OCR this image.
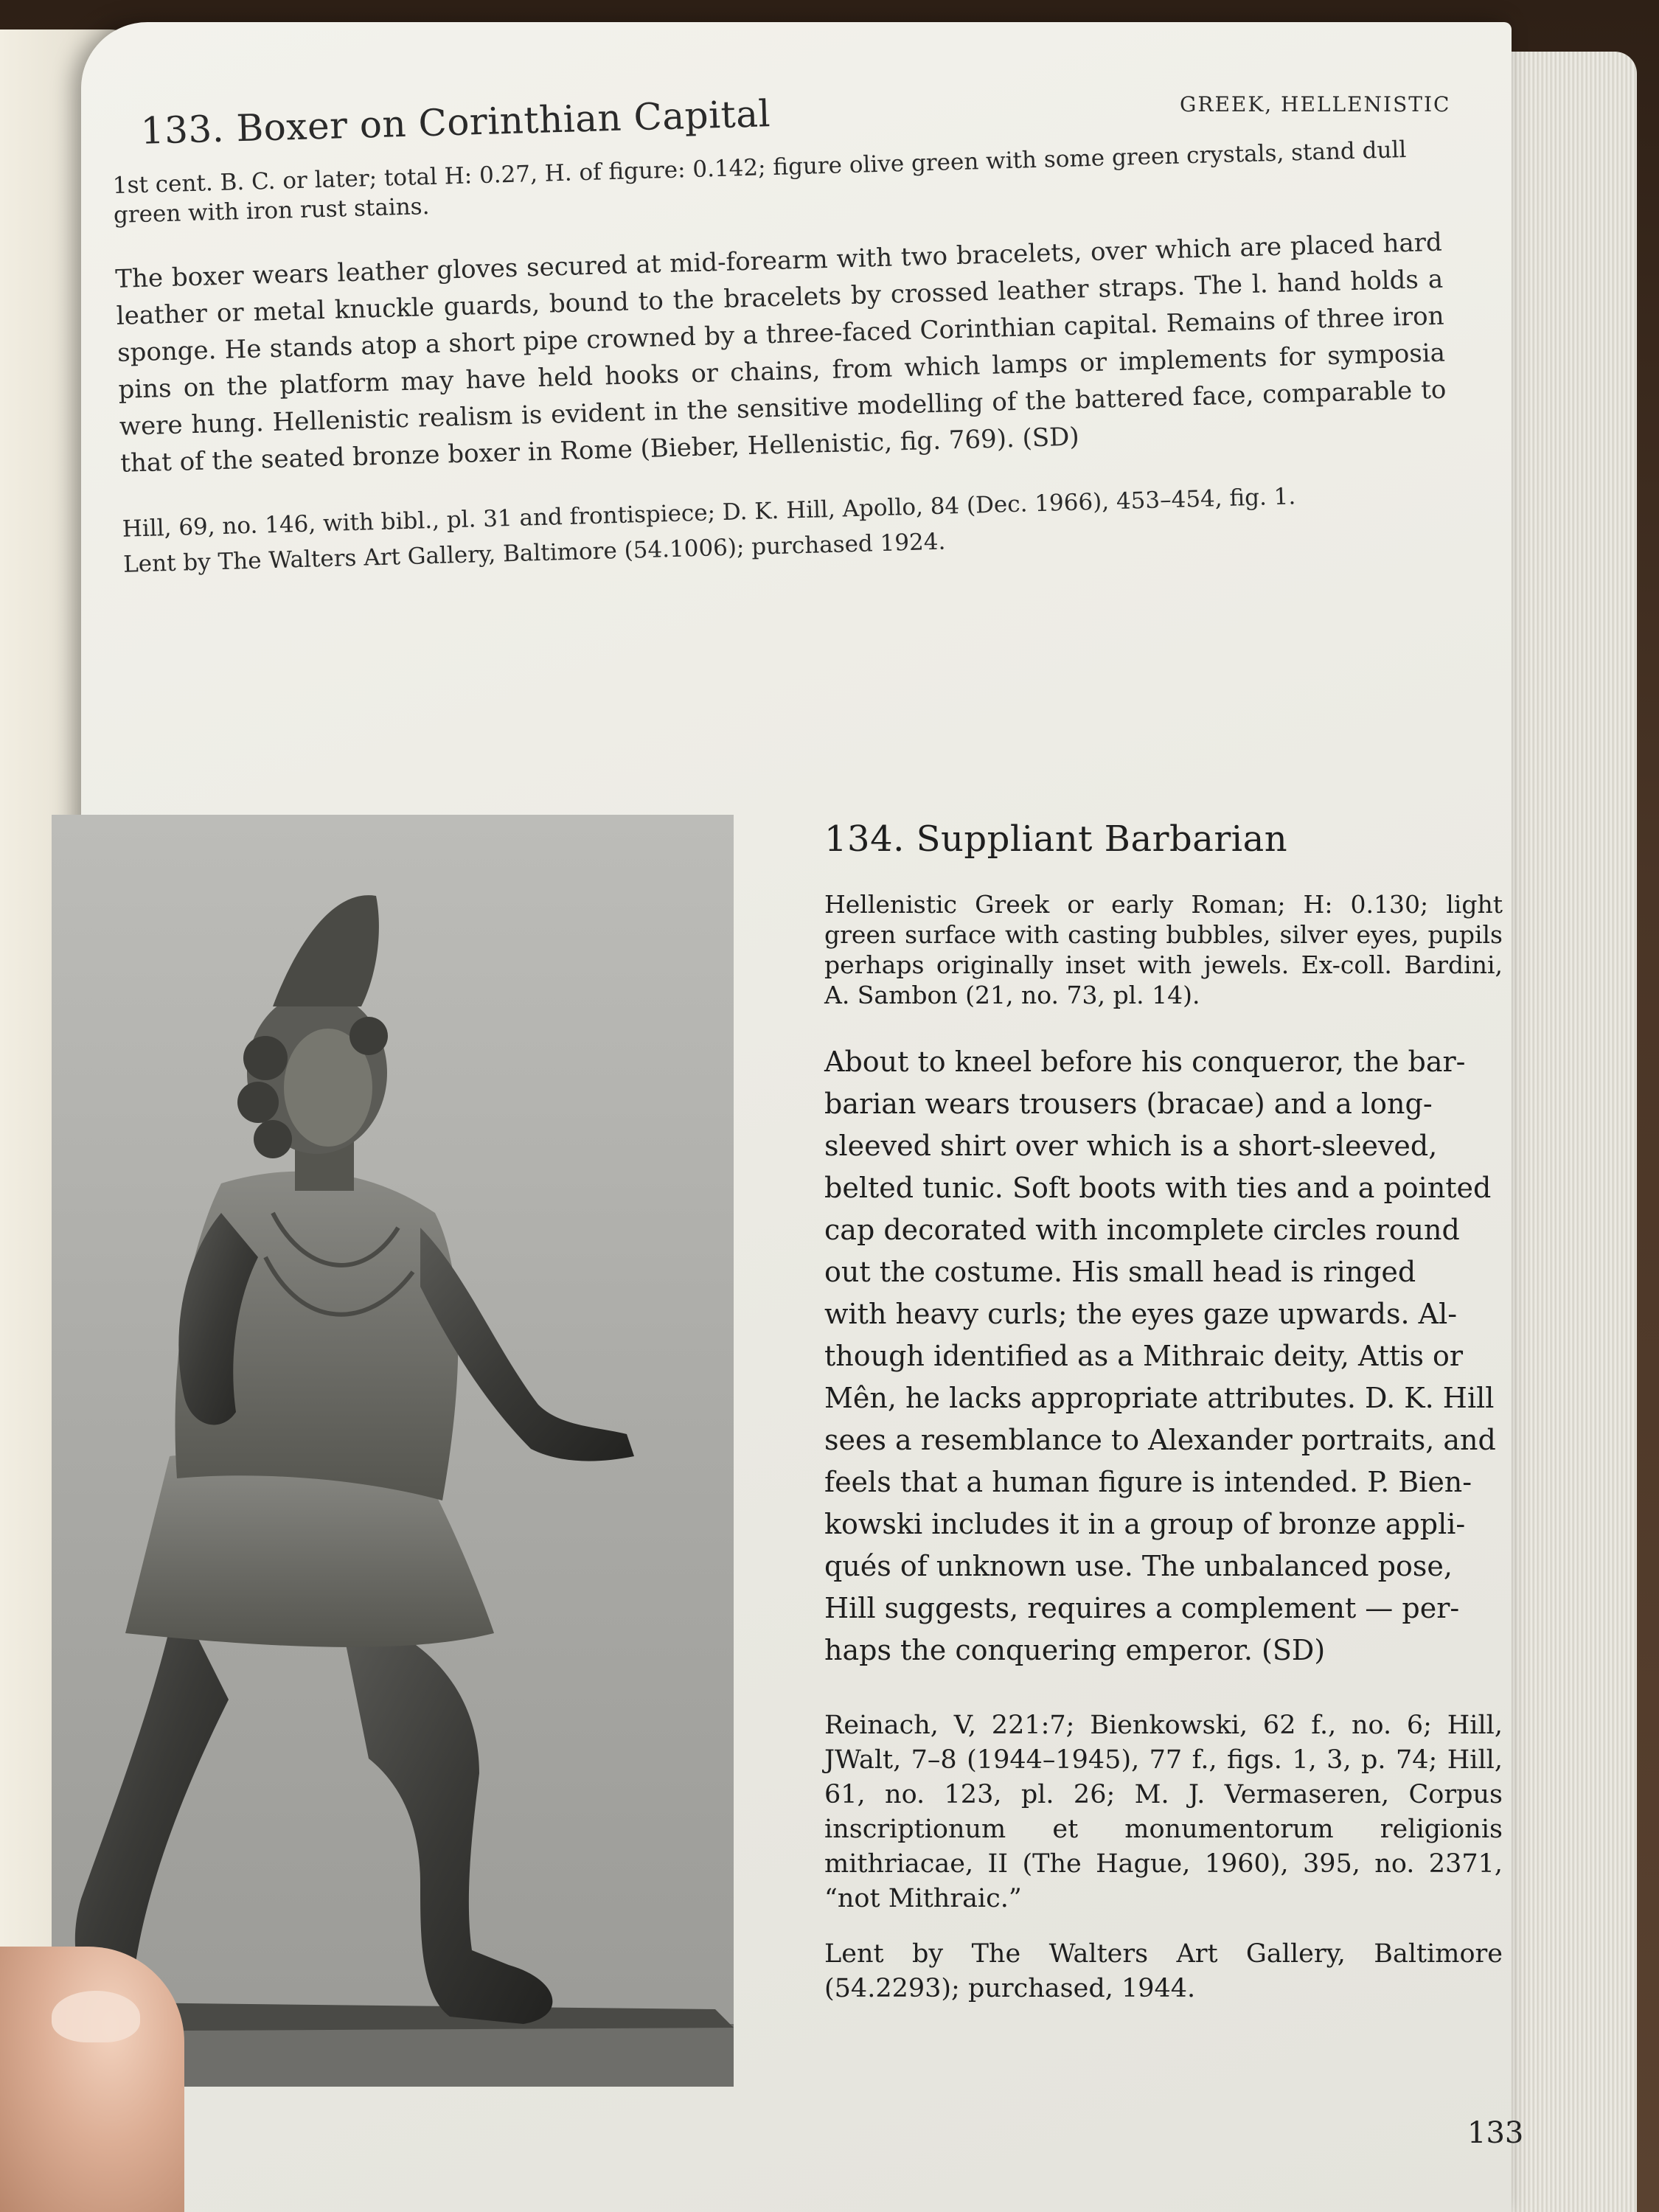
GREEK, HELLENISTIC
133. Boxer on Corinthian Capital
1st cent. B. C. or later; total H: 0.27, H. of figure: 0.142; figure olive green with some green crystals, stand dull green with iron rust stains.
The boxer wears leather gloves secured at mid-forearm with two bracelets, over which are placed hard leather or metal knuckle guards, bound to the bracelets by crossed leather straps. The l. hand holds a sponge. He stands atop a short pipe crowned by a three-faced Corinthian capital. Remains of three iron pins on the platform may have held hooks or chains, from which lamps or implements for symposia were hung. Hellenistic realism is evident in the sensitive modelling of the battered face, comparable to that of the seated bronze boxer in Rome (Bieber, Hellenistic, fig. 769). (SD)

Hill, 69, no. 146, with bibl., pl. 31 and frontispiece; D. K. Hill, Apollo, 84 (Dec. 1966), 453–454, fig. 1.

Lent by The Walters Art Gallery, Baltimore (54.1006); purchased 1924.

134. Suppliant Barbarian
Hellenistic Greek or early Roman; H: 0.130; light green surface with casting bubbles, silver eyes, pupils perhaps originally inset with jewels. Ex-coll. Bardini, A. Sambon (21, no. 73, pl. 14).
About to kneel before his conqueror, the bar-
barian wears trousers (bracae) and a long-
sleeved shirt over which is a short-sleeved,
belted tunic. Soft boots with ties and a pointed
cap decorated with incomplete circles round
out the costume. His small head is ringed
with heavy curls; the eyes gaze upwards. Al-
though identified as a Mithraic deity, Attis or
Mên, he lacks appropriate attributes. D. K. Hill
sees a resemblance to Alexander portraits, and
feels that a human figure is intended. P. Bien-
kowski includes it in a group of bronze appli-
qués of unknown use. The unbalanced pose,
Hill suggests, requires a complement — per-
haps the conquering emperor. (SD)
Reinach, V, 221:7; Bienkowski, 62 f., no. 6; Hill, JWalt, 7–8 (1944–1945), 77 f., figs. 1, 3, p. 74; Hill, 61, no. 123, pl. 26; M. J. Vermaseren, Corpus inscriptionum et monumentorum religionis mithriacae, II (The Hague, 1960), 395, no. 2371, “not Mithraic.”
Lent by The Walters Art Gallery, Baltimore (54.2293); purchased, 1944.
133
